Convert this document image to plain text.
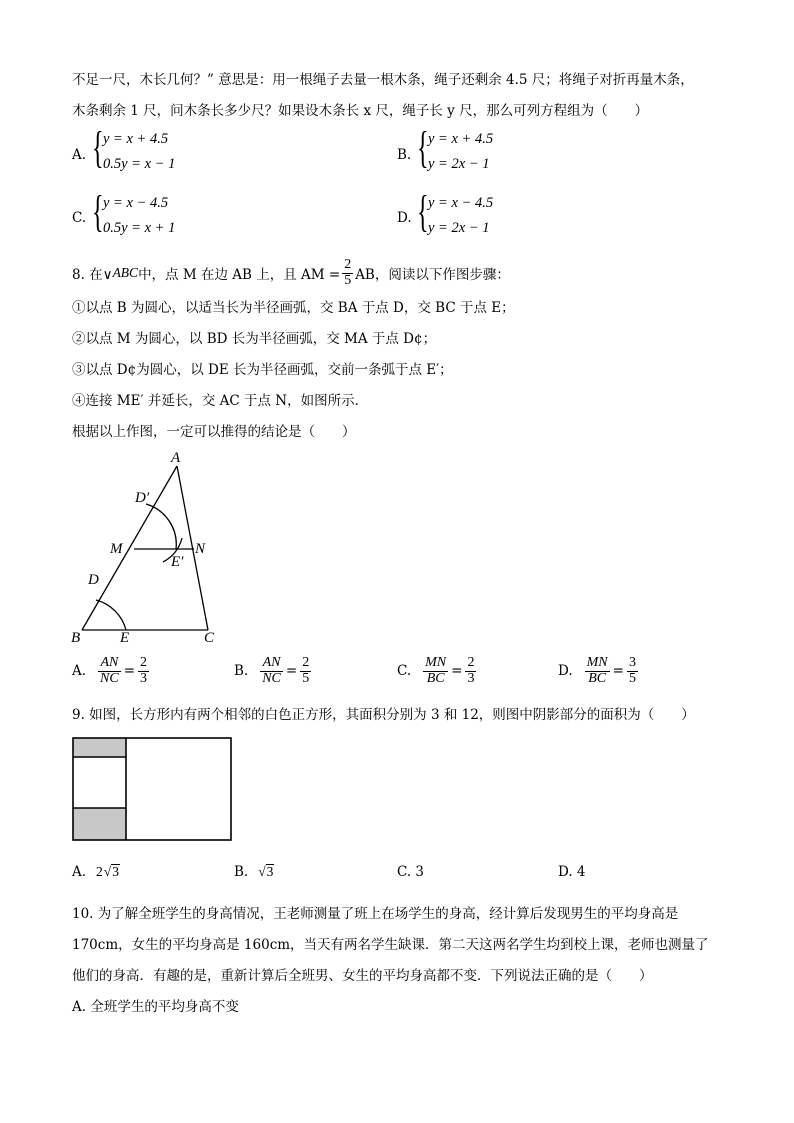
不足一尺，木长几何？” 意思是：用一根绳子去量一根木条，绳子还剩余 4.5 尺；将绳子对折再量木条，
木条剩余 1 尺，问木条长多少尺？如果设木条长 x 尺，绳子长 y 尺，那么可列方程组为（　　）
A. { y = x + 4.5
0.5y = x − 1
B. { y = x + 4.5
y = 2x − 1
C. { y = x − 4.5
0.5y = x + 1
D. { y = x − 4.5
y = 2x − 1
8. 在∨ ABC 中，点 M 在边 AB 上，且 AM = $\frac{2}{5}$ AB，阅读以下作图步骤：
①以点 B 为圆心，以适当长为半径画弧，交 BA 于点 D，交 BC 于点 E；
②以点 M 为圆心，以 BD 长为半径画弧，交 MA 于点 D¢；
③以点 D¢为圆心，以 DE 长为半径画弧，交前一条弧于点 E′；
④连接 ME′ 并延长，交 AC 于点 N，如图所示．
根据以上作图，一定可以推得的结论是（　　）
A
B	C
D
E
M	N
D′
E′
A. $\frac{AN}{NC} = \frac{2}{3}$	B. $\frac{AN}{NC} = \frac{2}{5}$	C. $\frac{MN}{BC} = \frac{2}{3}$	D. $\frac{MN}{BC} = \frac{3}{5}$
9. 如图，长方形内有两个相邻的白色正方形，其面积分别为 3 和 12，则图中阴影部分的面积为（　　）
A. 2 √ 3	B. √ 3	C. 3	D. 4
10. 为了解全班学生的身高情况，王老师测量了班上在场学生的身高，经计算后发现男生的平均身高是
170cm，女生的平均身高是 160cm，当天有两名学生缺课．第二天这两名学生均到校上课，老师也测量了
他们的身高．有趣的是，重新计算后全班男、女生的平均身高都不变．下列说法正确的是（　　）
A. 全班学生的平均身高不变
